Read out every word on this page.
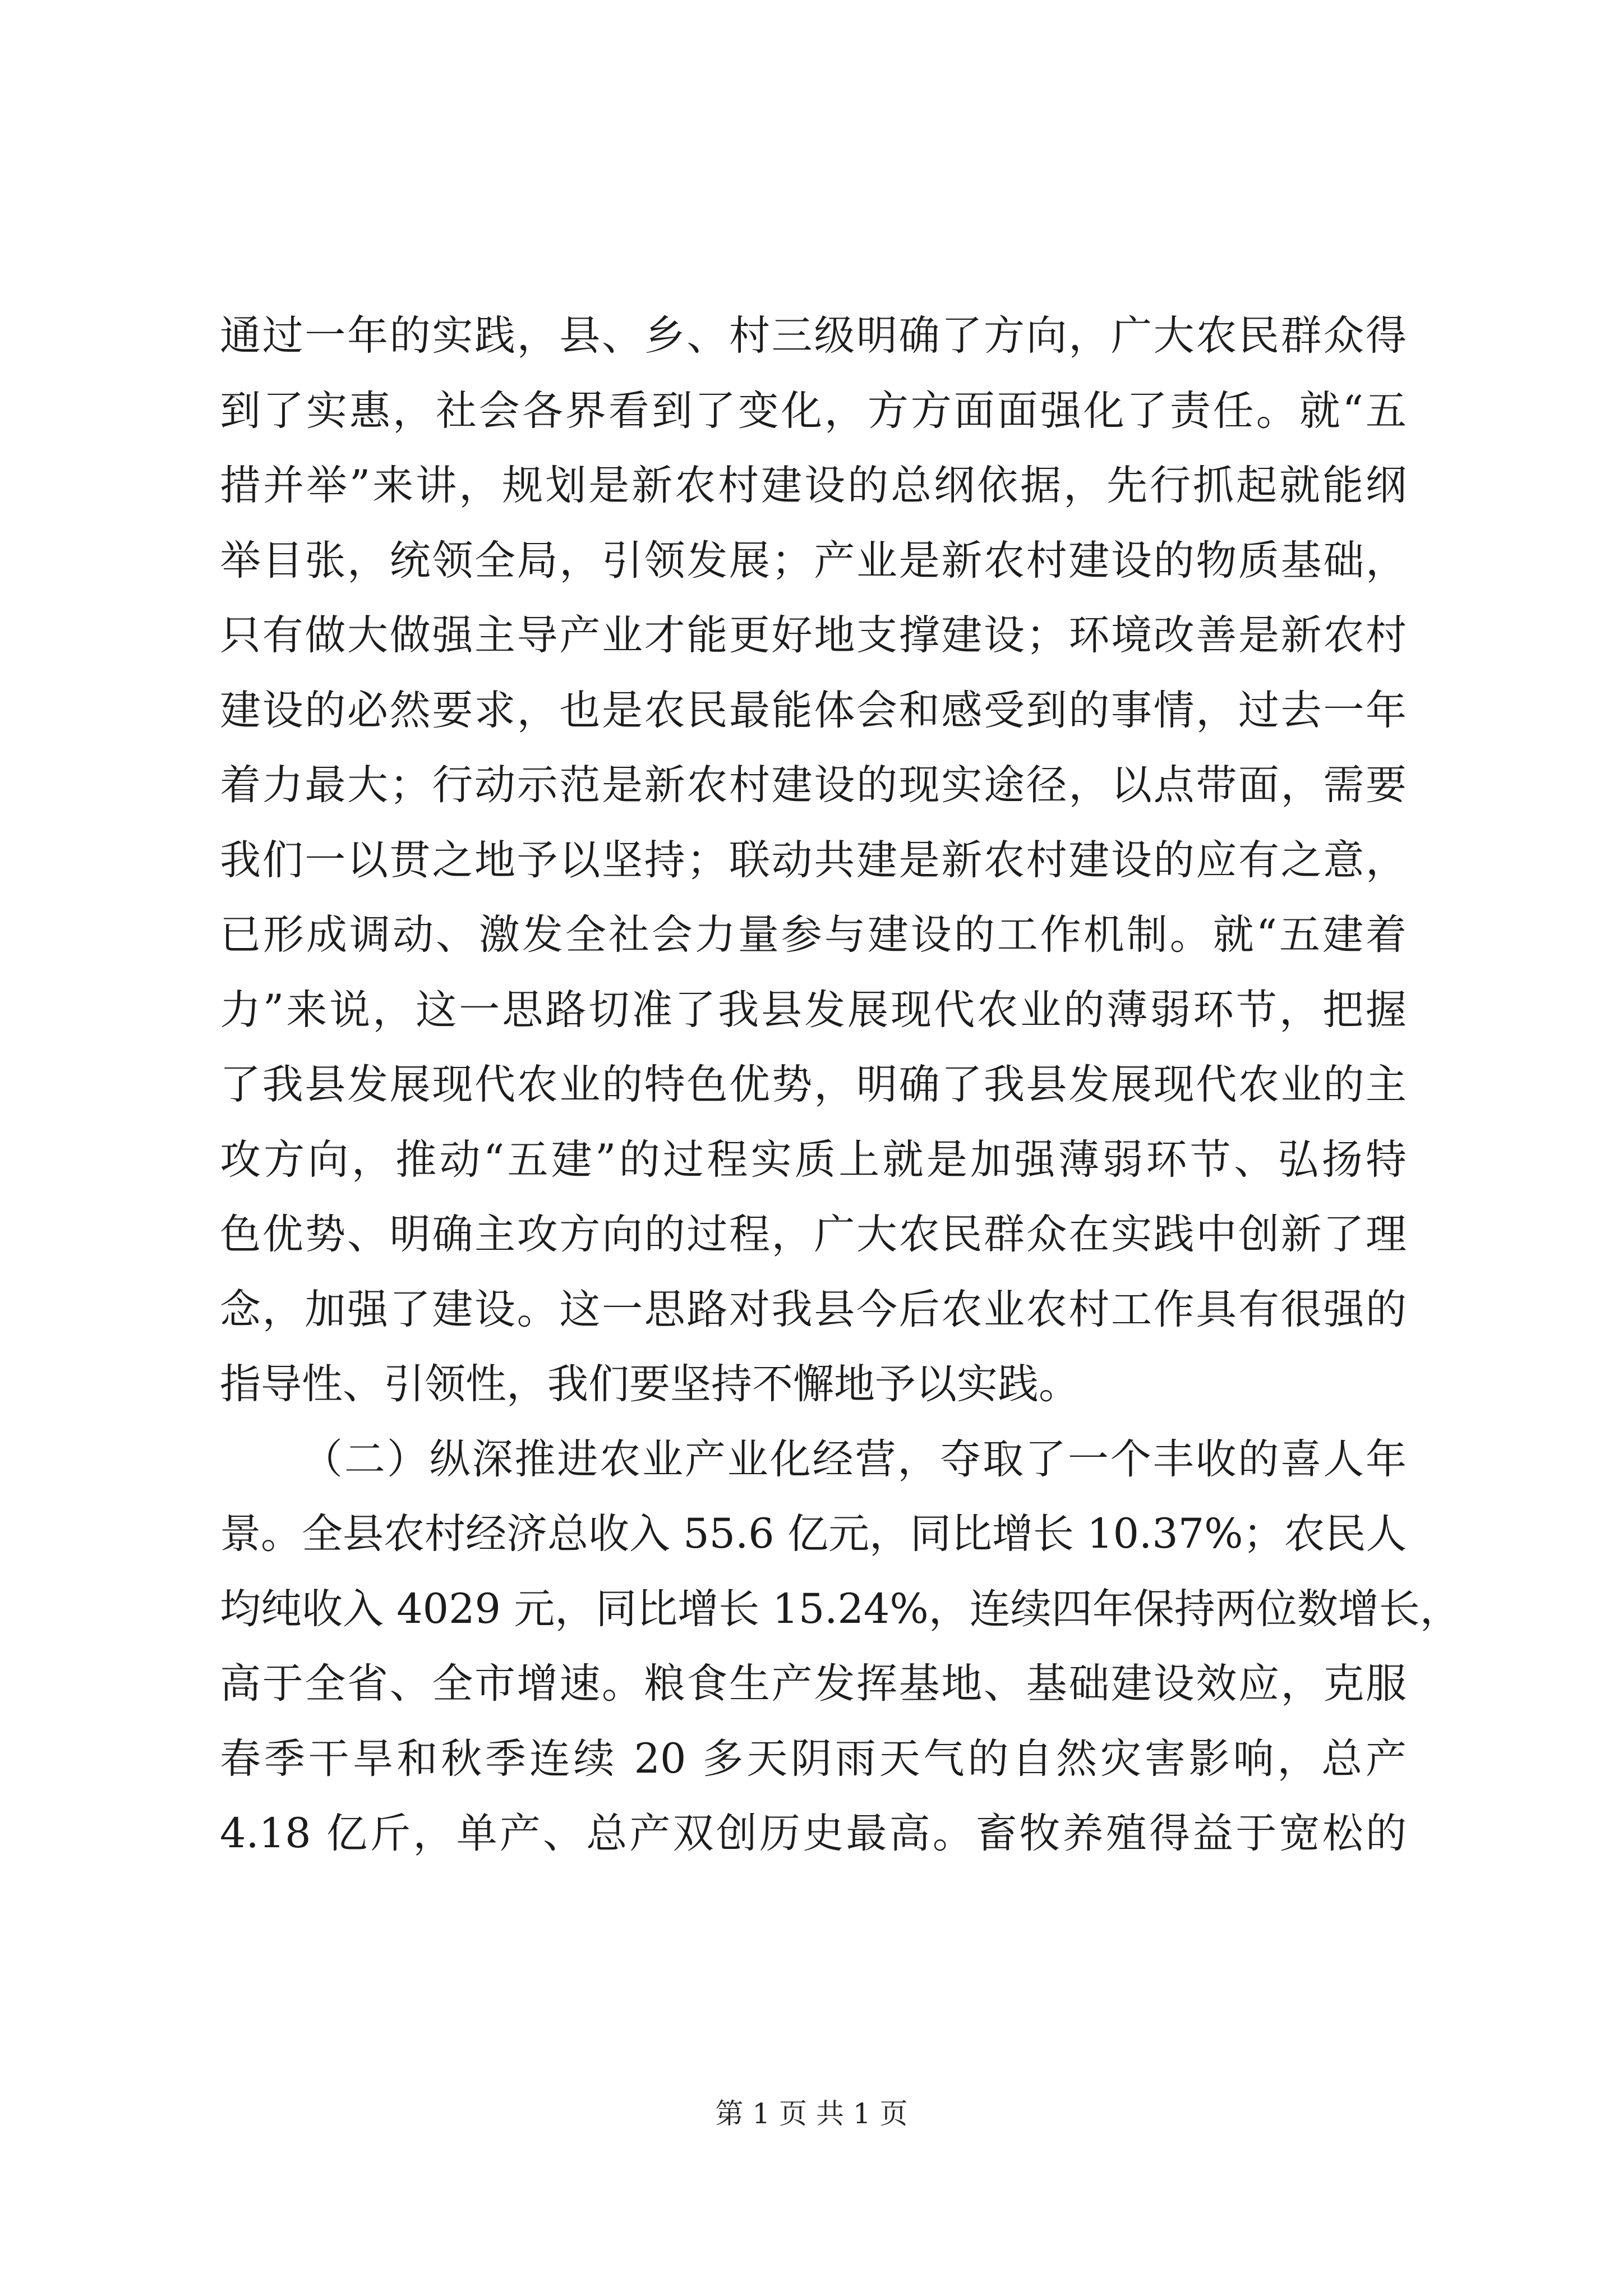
通过一年的实践，县、乡、村三级明确了方向，广大农民群众得
到了实惠，社会各界看到了变化，方方面面强化了责任。就“五
措并举”来讲，规划是新农村建设的总纲依据，先行抓起就能纲
举目张，统领全局，引领发展；产业是新农村建设的物质基础，
只有做大做强主导产业才能更好地支撑建设；环境改善是新农村
建设的必然要求，也是农民最能体会和感受到的事情，过去一年
着力最大；行动示范是新农村建设的现实途径，以点带面，需要
我们一以贯之地予以坚持；联动共建是新农村建设的应有之意，
已形成调动、激发全社会力量参与建设的工作机制。就“五建着
力”来说，这一思路切准了我县发展现代农业的薄弱环节，把握
了我县发展现代农业的特色优势，明确了我县发展现代农业的主
攻方向，推动“五建”的过程实质上就是加强薄弱环节、弘扬特
色优势、明确主攻方向的过程，广大农民群众在实践中创新了理
念，加强了建设。这一思路对我县今后农业农村工作具有很强的
指导性、引领性，我们要坚持不懈地予以实践。
（二）纵深推进农业产业化经营，夺取了一个丰收的喜人年
景。全县农村经济总收入 55.6 亿元，同比增长 10.37%；农民人
均纯收入 4029 元，同比增长 15.24%，连续四年保持两位数增长，
高于全省、全市增速。粮食生产发挥基地、基础建设效应，克服
春季干旱和秋季连续 20 多天阴雨天气的自然灾害影响，总产
4.18 亿斤，单产、总产双创历史最高。畜牧养殖得益于宽松的
第 1 页 共 1 页
